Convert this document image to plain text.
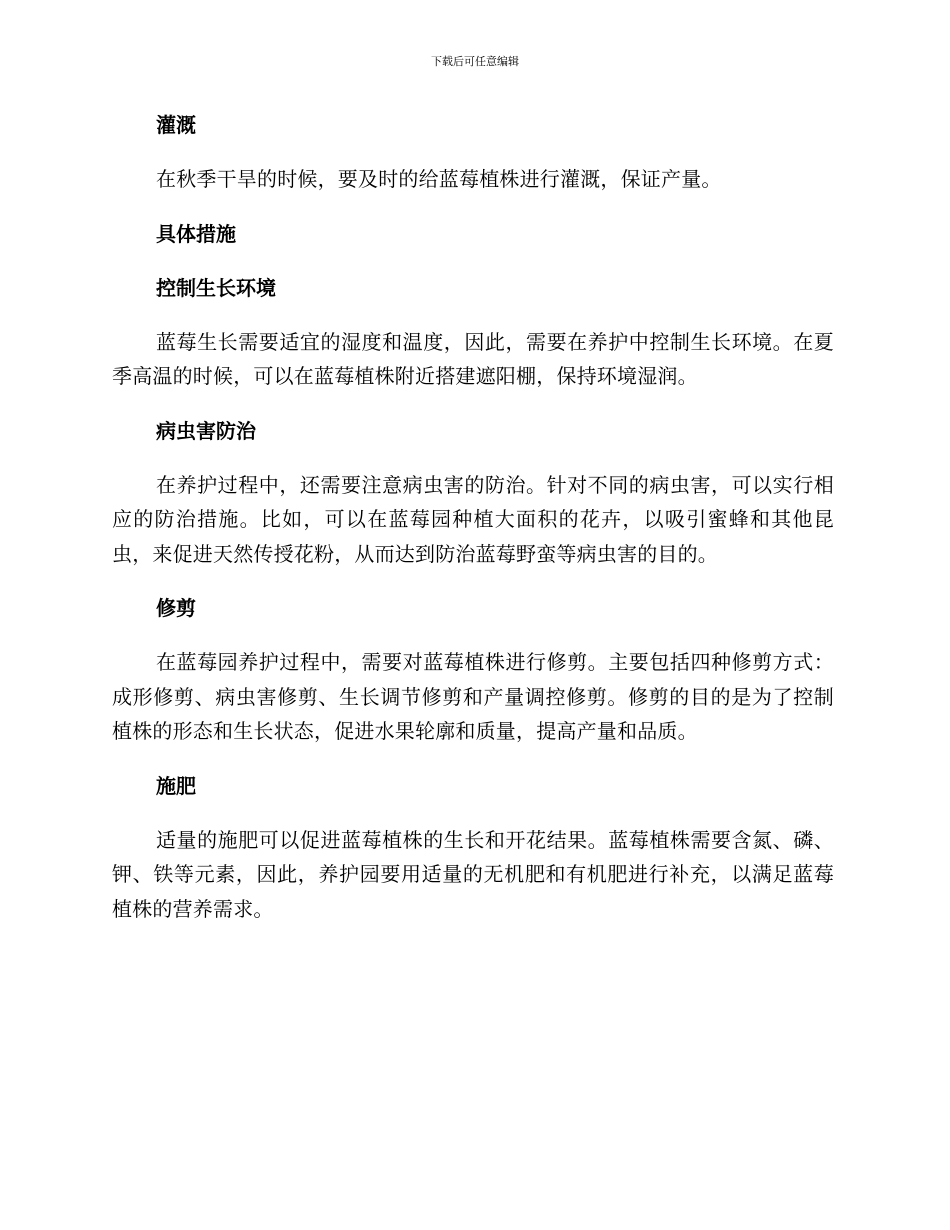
下载后可任意编辑
灌溉

在秋季干旱的时候，要及时的给蓝莓植株进行灌溉，保证产量。

具体措施
控制生长环境

蓝莓生长需要适宜的湿度和温度，因此，需要在养护中控制生长环境。在夏季高温的时候，可以在蓝莓植株附近搭建遮阳棚，保持环境湿润。

病虫害防治

在养护过程中，还需要注意病虫害的防治。针对不同的病虫害，可以实行相应的防治措施。比如，可以在蓝莓园种植大面积的花卉，以吸引蜜蜂和其他昆虫，来促进天然传授花粉，从而达到防治蓝莓野蛮等病虫害的目的。

修剪

在蓝莓园养护过程中，需要对蓝莓植株进行修剪。主要包括四种修剪方式：成形修剪、病虫害修剪、生长调节修剪和产量调控修剪。修剪的目的是为了控制植株的形态和生长状态，促进水果轮廓和质量，提高产量和品质。

施肥

适量的施肥可以促进蓝莓植株的生长和开花结果。蓝莓植株需要含氮、磷、钾、铁等元素，因此，养护园要用适量的无机肥和有机肥进行补充，以满足蓝莓植株的营养需求。
